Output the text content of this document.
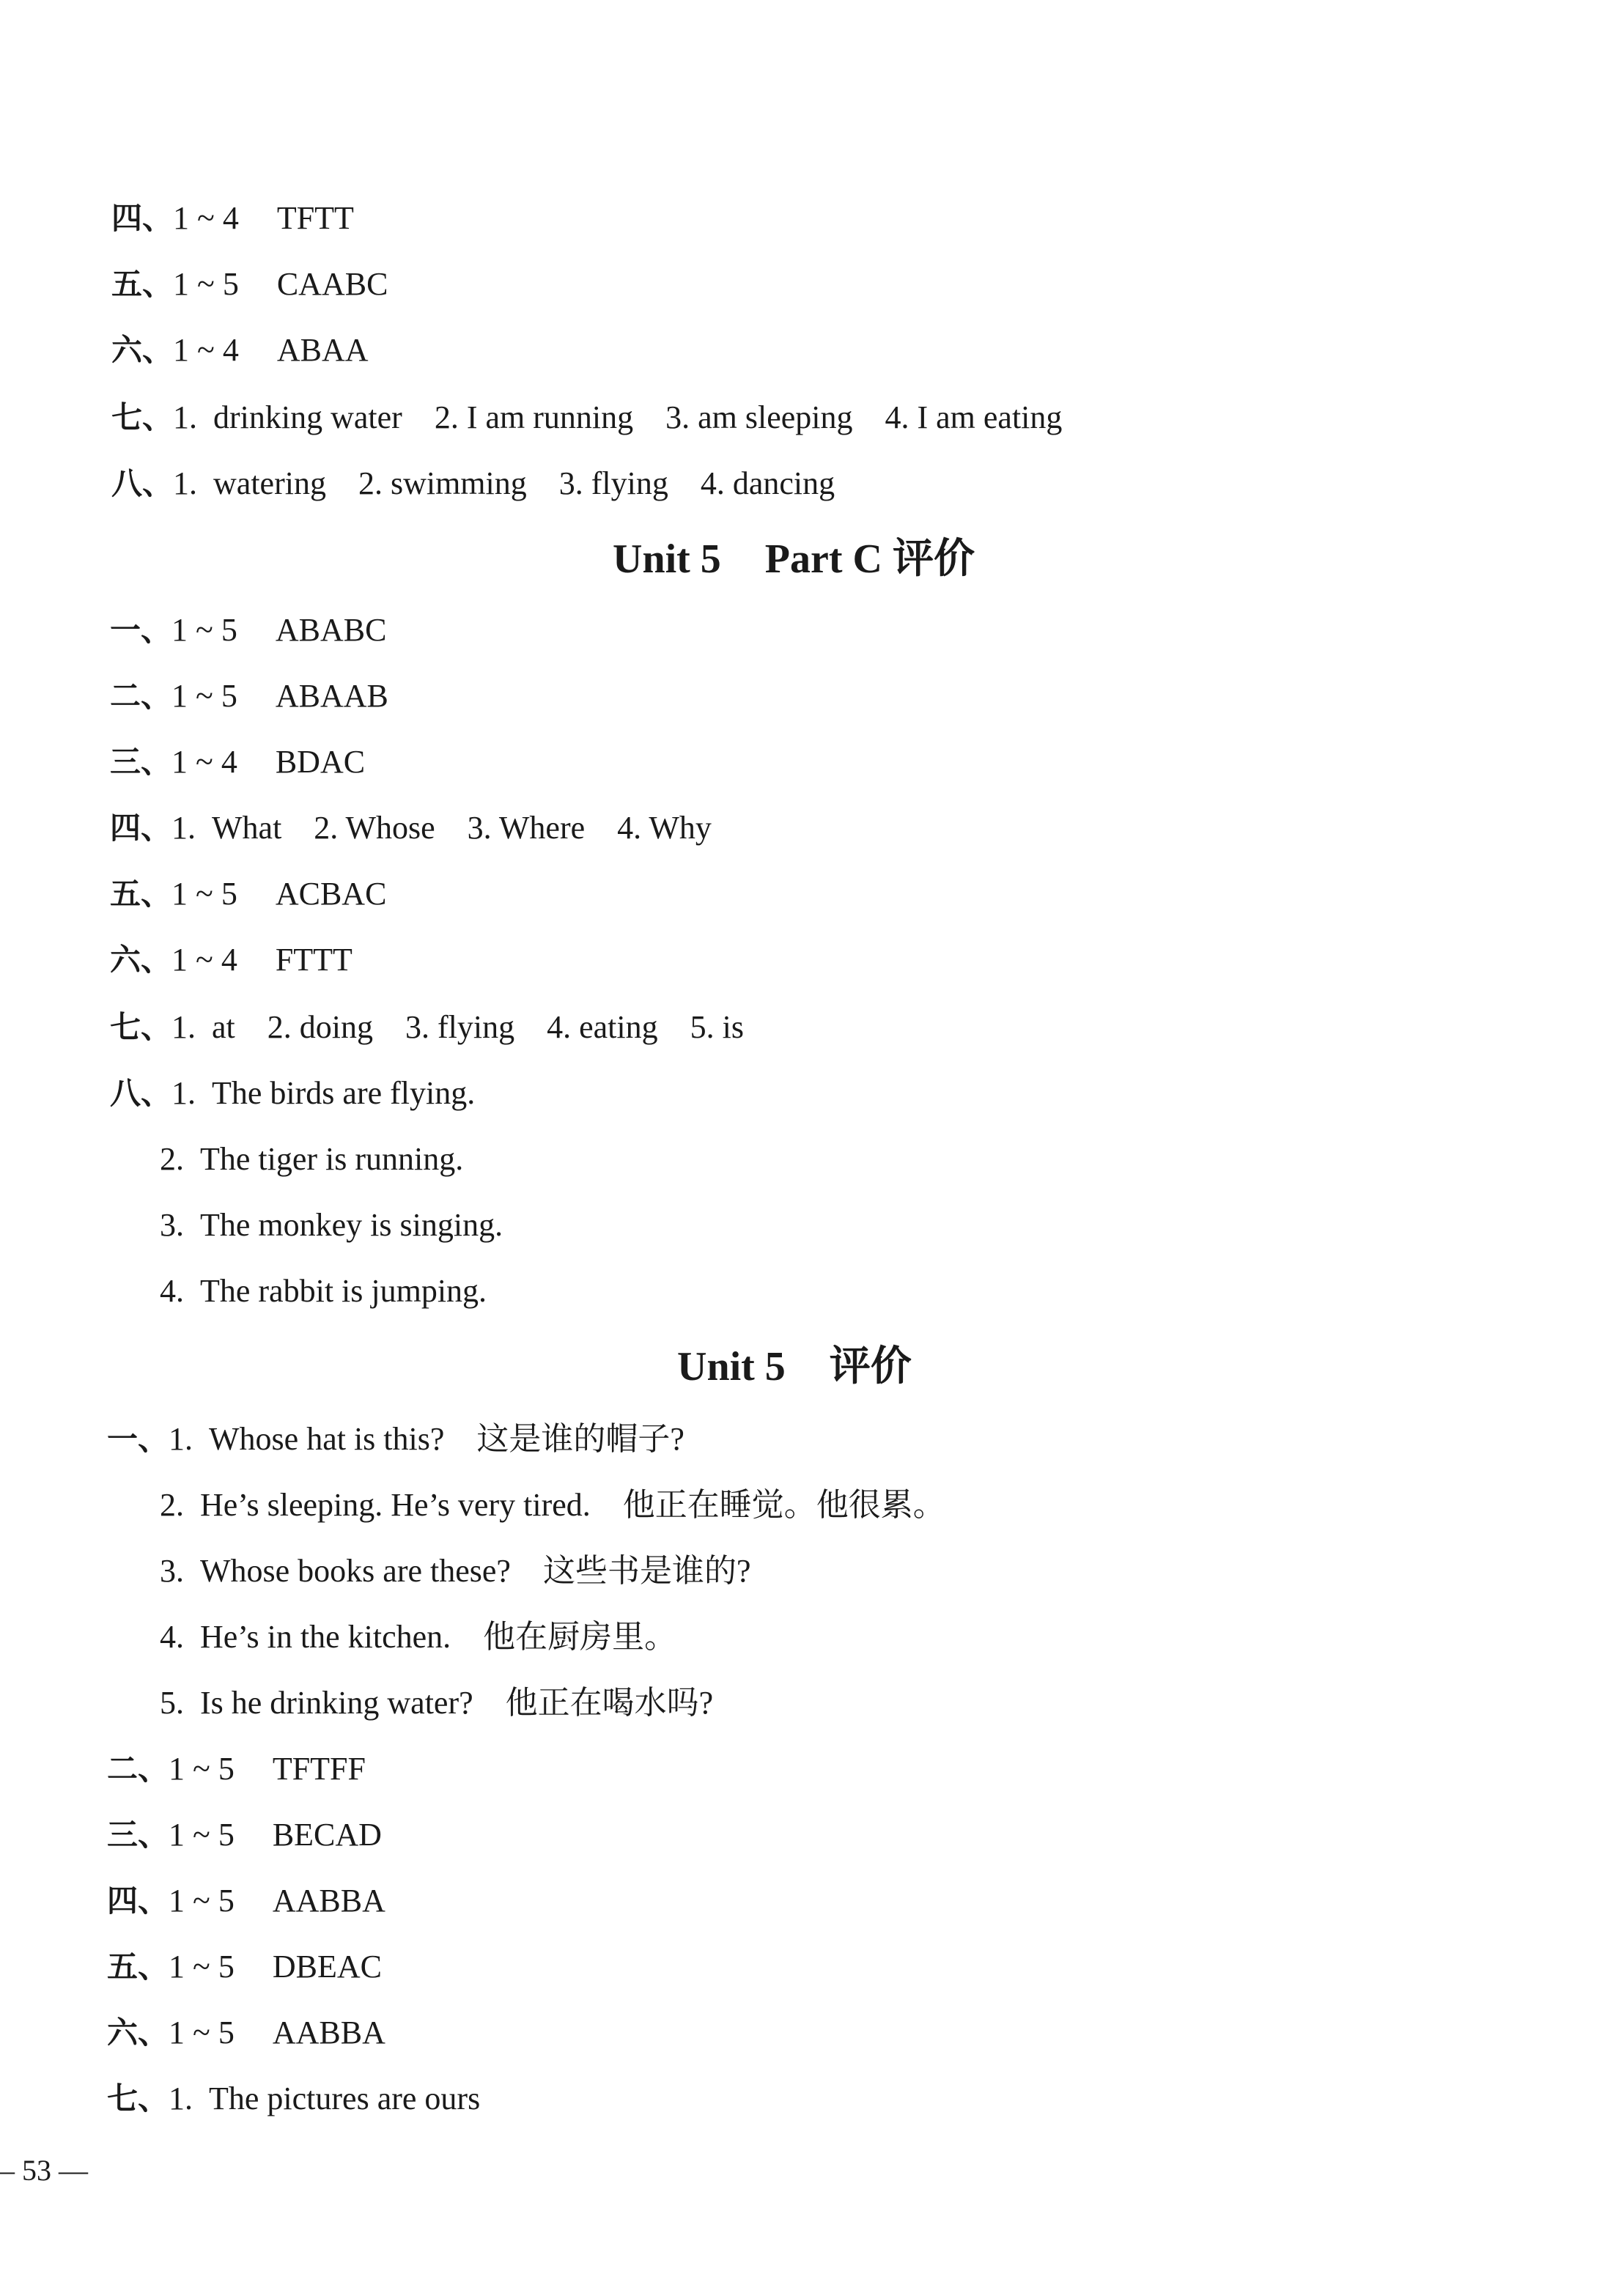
四、 1 ~ 4 TFTT
五、 1 ~ 5 CAABC
六、 1 ~ 4 ABAA
七、 1. drinking water    2. I am running    3. am sleeping    4. I am eating
八、 1. watering    2. swimming    3. flying    4. dancing
Unit 5 Part C 评价
一、 1 ~ 5 ABABC
二、 1 ~ 5 ABAAB
三、 1 ~ 4 BDAC
四、 1. What    2. Whose    3. Where    4. Why
五、 1 ~ 5 ACBAC
六、 1 ~ 4 FTTT
七、 1. at    2. doing    3. flying    4. eating    5. is
八、 1. The birds are flying.
2. The tiger is running.
3. The monkey is singing.
4. The rabbit is jumping.
Unit 5 评价
一、 1. Whose hat is this?    这是谁的帽子?
2. He’s sleeping. He’s very tired.    他正在睡觉。他很累。
3. Whose books are these?    这些书是谁的?
4. He’s in the kitchen.    他在厨房里。
5. Is he drinking water?    他正在喝水吗?
二、 1 ~ 5 TFTFF
三、 1 ~ 5 BECAD
四、 1 ~ 5 AABBA
五、 1 ~ 5 DBEAC
六、 1 ~ 5 AABBA
七、 1. The pictures are ours
– 53 —
